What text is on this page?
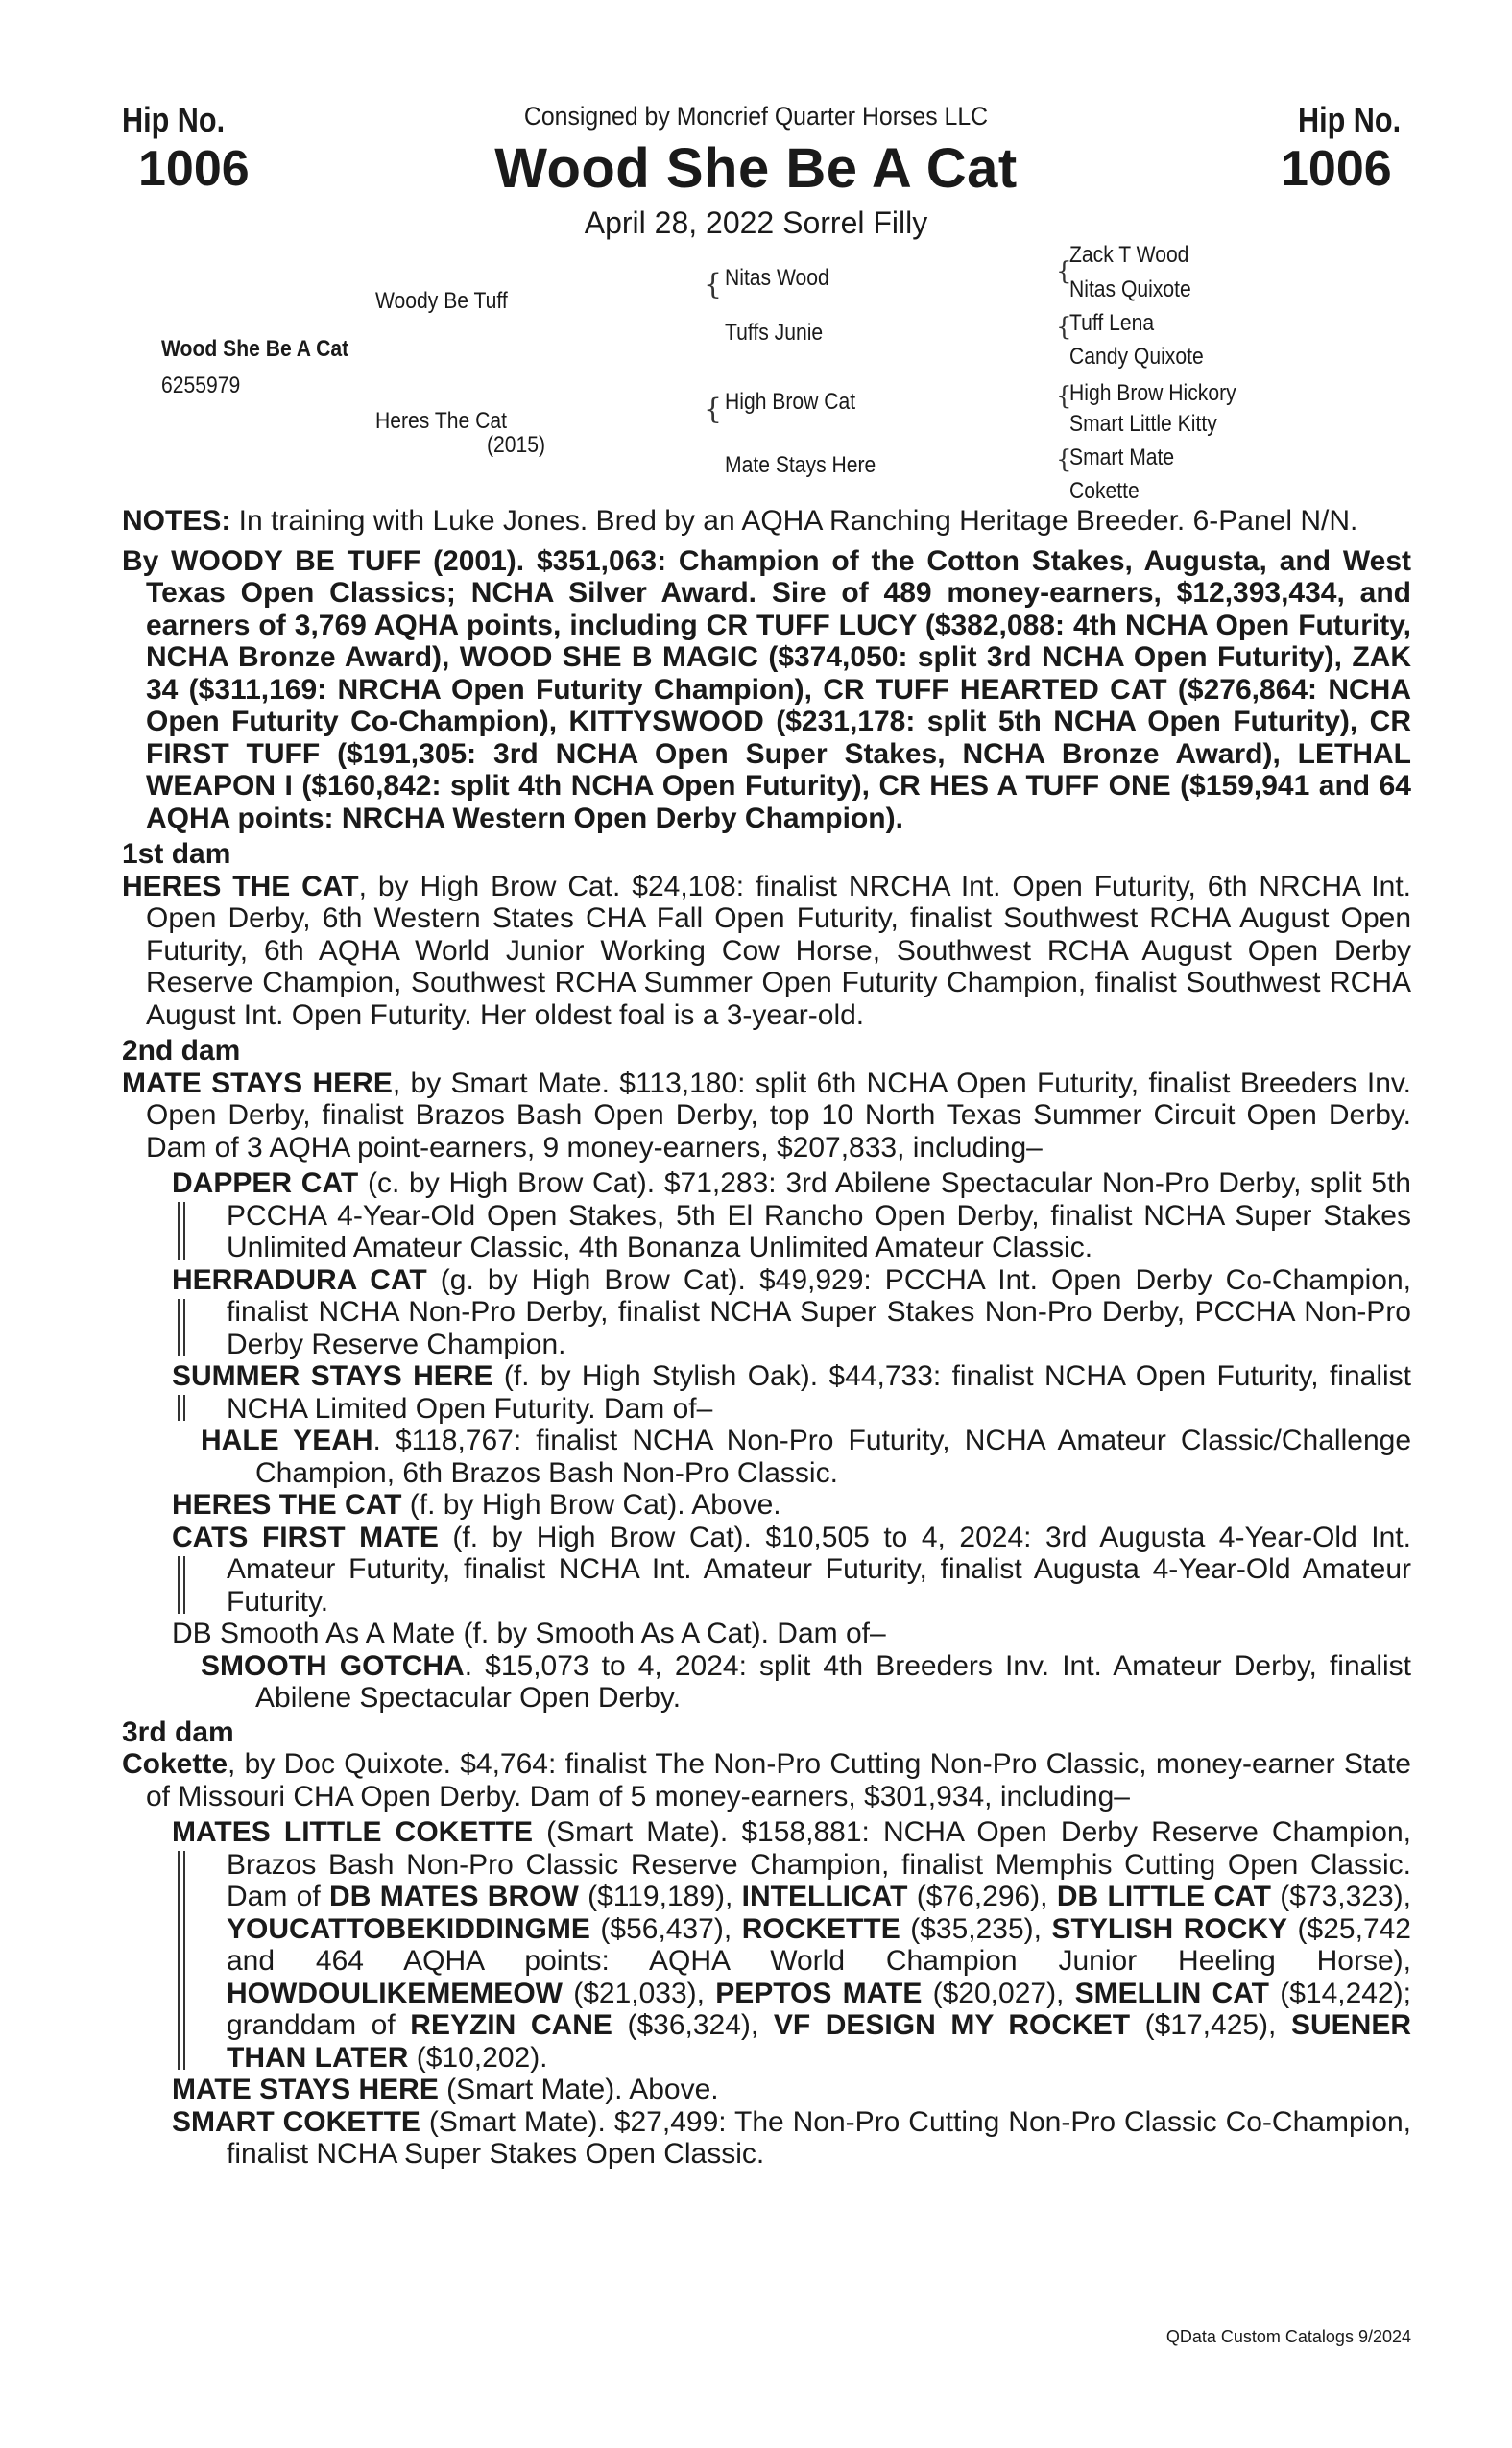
Hip No.
1006
Hip No.
1006
Consigned by Moncrief Quarter Horses LLC
Wood She Be A Cat
April 28, 2022 Sorrel Filly
Wood She Be A Cat
6255979
Woody Be Tuff
Heres The Cat
(2015)
{
{
Nitas Wood
Tuffs Junie
High Brow Cat
Mate Stays Here
{
{
{
{
Zack T Wood
Nitas Quixote
Tuff Lena
Candy Quixote
High Brow Hickory
Smart Little Kitty
Smart Mate
Cokette

NOTES: In training with Luke Jones. Bred by an AQHA Ranching Heritage Breeder. 6-Panel N/N.

By WOODY BE TUFF (2001). $351,063: Champion of the Cotton Stakes, Augusta, and West Texas Open Classics; NCHA Silver Award. Sire of 489 money-earners, $12,393,434, and earners of 3,769 AQHA points, including CR TUFF LUCY ($382,088: 4th NCHA Open Futurity, NCHA Bronze Award), WOOD SHE B MAGIC ($374,050: split 3rd NCHA Open Futurity), ZAK 34 ($311,169: NRCHA Open Futurity Champion), CR TUFF HEARTED CAT ($276,864: NCHA Open Futurity Co-Champion), KITTYSWOOD ($231,178: split 5th NCHA Open Futurity), CR FIRST TUFF ($191,305: 3rd NCHA Open Super Stakes, NCHA Bronze Award), LETHAL WEAPON I ($160,842: split 4th NCHA Open Futurity), CR HES A TUFF ONE ($159,941 and 64 AQHA points: NRCHA Western Open Derby Champion).

1st dam

HERES THE CAT, by High Brow Cat. $24,108: finalist NRCHA Int. Open Futurity, 6th NRCHA Int. Open Derby, 6th Western States CHA Fall Open Futurity, finalist Southwest RCHA August Open Futurity, 6th AQHA World Junior Working Cow Horse, Southwest RCHA August Open Derby Reserve Champion, Southwest RCHA Summer Open Futurity Champion, finalist Southwest RCHA August Int. Open Futurity. Her oldest foal is a 3-year-old.

2nd dam

MATE STAYS HERE, by Smart Mate. $113,180: split 6th NCHA Open Futurity, finalist Breeders Inv. Open Derby, finalist Brazos Bash Open Derby, top 10 North Texas Summer Circuit Open Derby. Dam of 3 AQHA point-earners, 9 money-earners, $207,833, including–

DAPPER CAT (c. by High Brow Cat). $71,283: 3rd Abilene Spectacular Non-Pro Derby, split 5th PCCHA 4-Year-Old Open Stakes, 5th El Rancho Open Derby, finalist NCHA Super Stakes Unlimited Amateur Classic, 4th Bonanza Unlimited Amateur Classic.
HERRADURA CAT (g. by High Brow Cat). $49,929: PCCHA Int. Open Derby Co-Champion, finalist NCHA Non-Pro Derby, finalist NCHA Super Stakes Non-Pro Derby, PCCHA Non-Pro Derby Reserve Champion.
SUMMER STAYS HERE (f. by High Stylish Oak). $44,733: finalist NCHA Open Futurity, finalist NCHA Limited Open Futurity. Dam of–
HALE YEAH. $118,767: finalist NCHA Non-Pro Futurity, NCHA Amateur Classic/Challenge Champion, 6th Brazos Bash Non-Pro Classic.
HERES THE CAT (f. by High Brow Cat). Above.
CATS FIRST MATE (f. by High Brow Cat). $10,505 to 4, 2024: 3rd Augusta 4-Year-Old Int. Amateur Futurity, finalist NCHA Int. Amateur Futurity, finalist Augusta 4-Year-Old Amateur Futurity.
DB Smooth As A Mate (f. by Smooth As A Cat). Dam of–
SMOOTH GOTCHA. $15,073 to 4, 2024: split 4th Breeders Inv. Int. Amateur Derby, finalist Abilene Spectacular Open Derby.
3rd dam

Cokette, by Doc Quixote. $4,764: finalist The Non-Pro Cutting Non-Pro Classic, money-earner State of Missouri CHA Open Derby. Dam of 5 money-earners, $301,934, including–

MATES LITTLE COKETTE (Smart Mate). $158,881: NCHA Open Derby Reserve Champion, Brazos Bash Non-Pro Classic Reserve Champion, finalist Memphis Cutting Open Classic. Dam of DB MATES BROW ($119,189), INTELLICAT ($76,296), DB LITTLE CAT ($73,323), YOUCATTOBEKIDDINGME ($56,437), ROCKETTE ($35,235), STYLISH ROCKY ($25,742 and 464 AQHA points: AQHA World Champion Junior Heeling Horse), HOWDOULIKEMEMEOW ($21,033), PEPTOS MATE ($20,027), SMELLIN CAT ($14,242); granddam of REYZIN CANE ($36,324), VF DESIGN MY ROCKET ($17,425), SUENER THAN LATER ($10,202).
MATE STAYS HERE (Smart Mate). Above.
SMART COKETTE (Smart Mate). $27,499: The Non-Pro Cutting Non-Pro Classic Co-Champion, finalist NCHA Super Stakes Open Classic.
QData Custom Catalogs 9/2024
